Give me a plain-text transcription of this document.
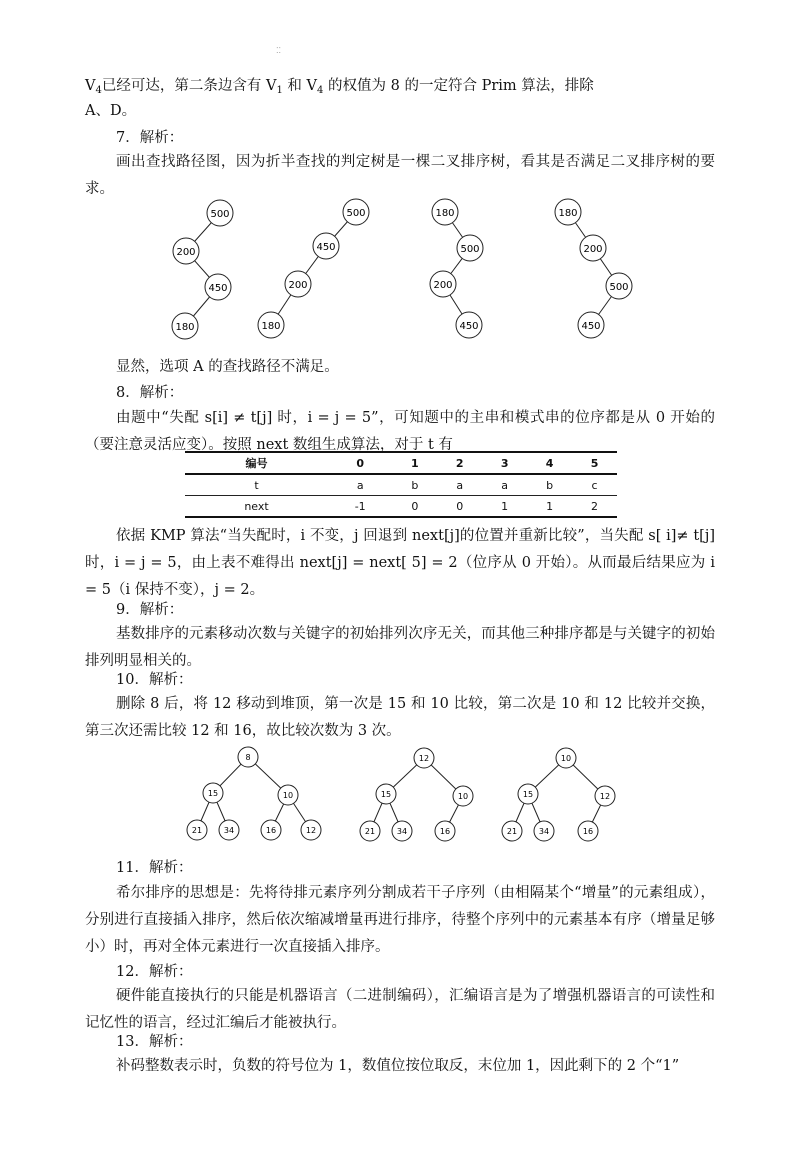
⁚⁚
$V_4$已经可达，第二条边含有 $V_1$ 和 $V_4$ 的权值为 8 的一定符合 Prim 算法，排除
A、D。
7．解析：
画出查找路径图，因为折半查找的判定树是一棵二叉排序树，看其是否满足二叉排序树的要求。
500
200
450
180
500
450
200
180
180
500
200
450
180
200
500
450
显然，选项 A 的查找路径不满足。
8．解析：
由题中“失配 s[i] ≠ t[j] 时，i = j = 5”，可知题中的主串和模式串的位序都是从 0 开始的（要注意灵活应变）。按照 next 数组生成算法，对于 t 有
编号	0	1	2	3	4	5
t	a	b	a	a	b	c
next	-1	0	0	1	1	2
依据 KMP 算法“当失配时，i 不变，j 回退到 next[j]的位置并重新比较”，当失配 s[ i]≠ t[j]时，i = j = 5，由上表不难得出 next[j] = next[ 5] = 2（位序从 0 开始）。从而最后结果应为 i = 5（i 保持不变），j = 2。
9．解析：
基数排序的元素移动次数与关键字的初始排列次序无关，而其他三种排序都是与关键字的初始排列明显相关的。
10．解析：
删除 8 后，将 12 移动到堆顶，第一次是 15 和 10 比较，第二次是 10 和 12 比较并交换，第三次还需比较 12 和 16，故比较次数为 3 次。
8
15	10
21	34	16	12
12
15	10
21	34	16
10
15	12
21	34	16
11．解析：
希尔排序的思想是：先将待排元素序列分割成若干子序列（由相隔某个“增量”的元素组成），分别进行直接插入排序，然后依次缩减增量再进行排序，待整个序列中的元素基本有序（增量足够小）时，再对全体元素进行一次直接插入排序。
12．解析：
硬件能直接执行的只能是机器语言（二进制编码），汇编语言是为了增强机器语言的可读性和记忆性的语言，经过汇编后才能被执行。
13．解析：
补码整数表示时，负数的符号位为 1，数值位按位取反，末位加 1，因此剩下的 2 个“1”
